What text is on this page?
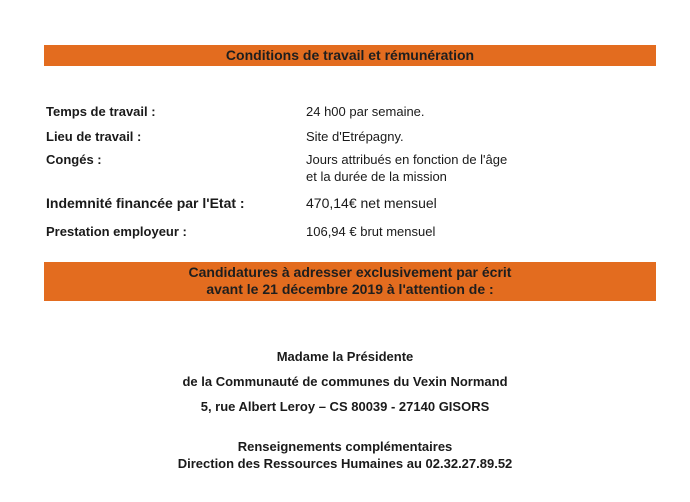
Conditions de travail et rémunération
Temps de travail :	24 h00 par semaine.
Lieu de travail :	Site d'Etrépagny.
Congés :	Jours attribués en fonction de l'âge
et la durée de la mission
Indemnité financée par l'Etat :	470,14€ net mensuel
Prestation employeur :	106,94 € brut mensuel
Candidatures à adresser exclusivement par écrit
avant le 21 décembre 2019 à l'attention de :
Madame la Présidente
de la Communauté de communes du Vexin Normand
5, rue Albert Leroy – CS 80039 - 27140 GISORS
Renseignements complémentaires
Direction des Ressources Humaines au 02.32.27.89.52
